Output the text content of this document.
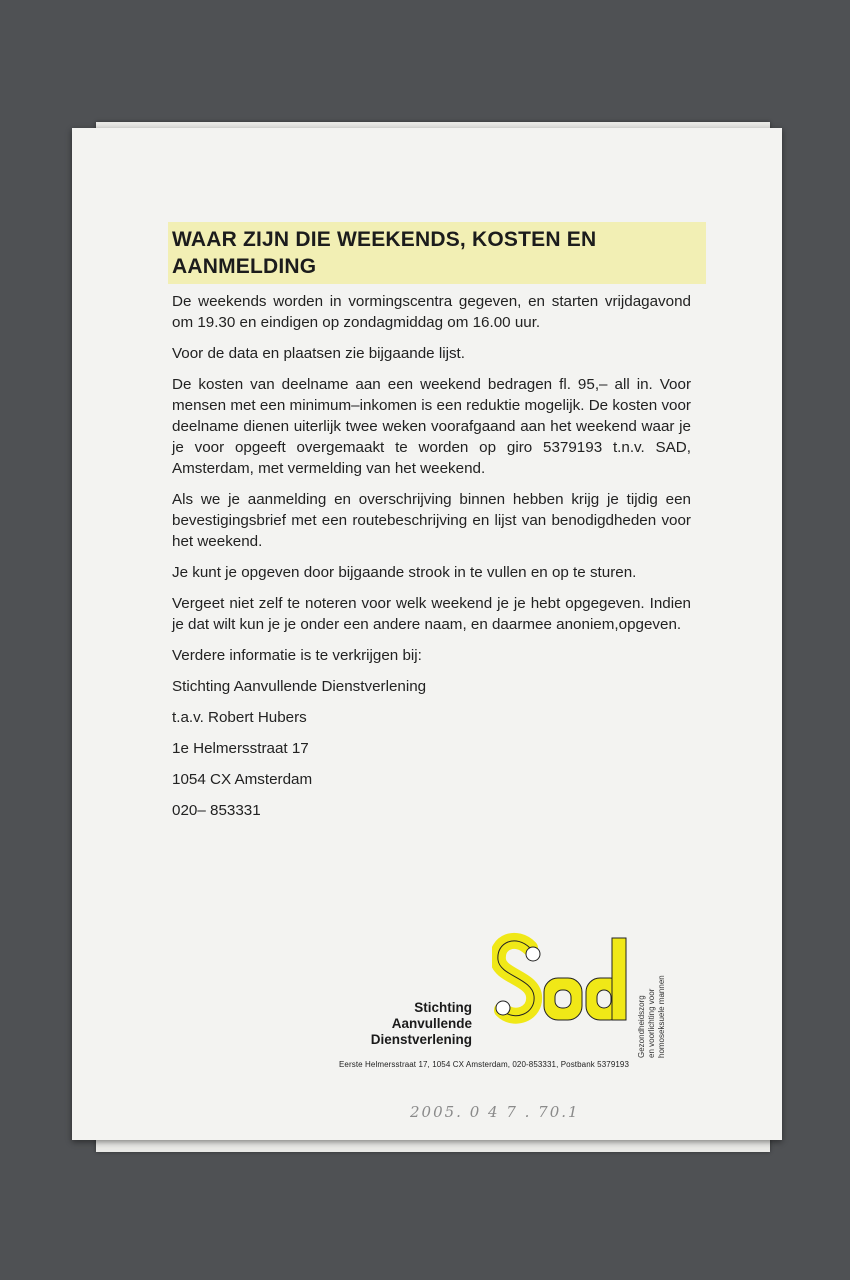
WAAR ZIJN DIE WEEKENDS, KOSTEN EN AANMELDING

De weekends worden in vormingscentra gegeven, en starten vrijdagavond om 19.30 en eindigen op zondagmiddag om 16.00 uur.

Voor de data en plaatsen zie bijgaande lijst.

De kosten van deelname aan een weekend bedragen fl. 95,– all in. Voor mensen met een minimum–inkomen is een reduktie mogelijk. De kosten voor deelname dienen uiterlijk twee weken voorafgaand aan het weekend waar je je voor opgeeft overgemaakt te worden op giro 5379193 t.n.v. SAD, Amsterdam, met vermelding van het weekend.

Als we je aanmelding en overschrijving binnen hebben krijg je tijdig een bevestigingsbrief met een routebeschrijving en lijst van benodigdheden voor het weekend.

Je kunt je opgeven door bijgaande strook in te vullen en op te sturen.

Vergeet niet zelf te noteren voor welk weekend je je hebt opgegeven. Indien je dat wilt kun je je onder een andere naam, en daarmee anoniem,opgeven.

Verdere informatie is te verkrijgen bij:

Stichting Aanvullende Dienstverlening
t.a.v. Robert Hubers
1e Helmersstraat 17
1054 CX Amsterdam
020– 853331
Stichting
Aanvullende
Dienstverlening	Gezondheidszorg en voorlichting voor homoseksuele mannen
Eerste Helmersstraat 17, 1054 CX Amsterdam, 020-853331, Postbank 5379193
2005. 0 4 7 . 70.1
